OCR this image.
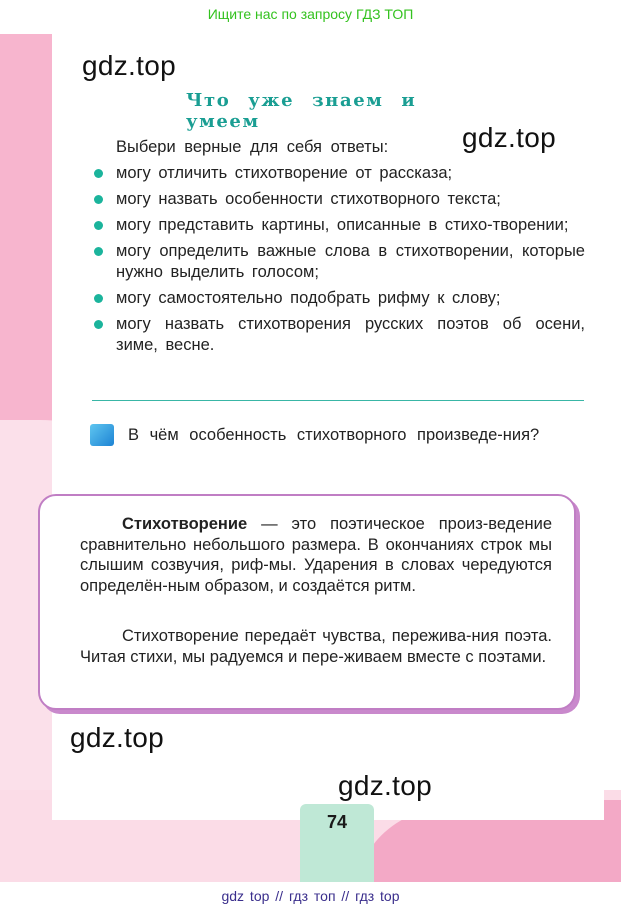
Ищите нас по запросу ГДЗ ТОП
gdz.top
gdz.top
gdz.top
gdz.top
Что уже знаем и умеем
Выбери верные для себя ответы:
могу отличить стихотворение от рассказа;
могу назвать особенности стихотворного текста;
могу представить картины, описанные в стихо-творении;
могу определить важные слова в стихотворении, которые нужно выделить голосом;
могу самостоятельно подобрать рифму к слову;
могу назвать стихотворения русских поэтов об осени, зиме, весне.
В чём особенность стихотворного произведе-ния?
Стихотворение — это поэтическое произ-ведение сравнительно небольшого размера. В окончаниях строк мы слышим созвучия, риф-мы. Ударения в словах чередуются определён-ным образом, и создаётся ритм.
Стихотворение передаёт чувства, пережива-ния поэта. Читая стихи, мы радуемся и пере-живаем вместе с поэтами.
74
gdz top // гдз топ // гдз top
